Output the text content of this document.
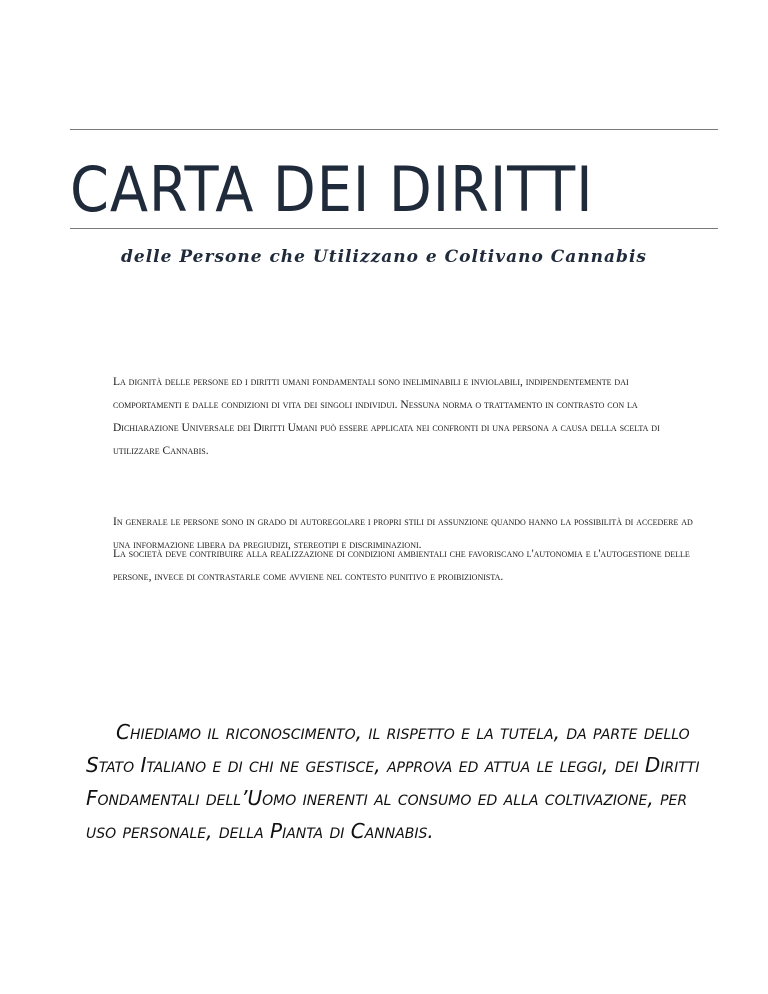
CARTA DEI DIRITTI

delle Persone che Utilizzano e Coltivano Cannabis

La dignità delle persone ed i diritti umani fondamentali sono ineliminabili e inviolabili, indipendentemente dai comportamenti e dalle condizioni di vita dei singoli individui. Nessuna norma o trattamento in contrasto con la Dichiarazione Universale dei Diritti Umani può essere applicata nei confronti di una persona a causa della scelta di utilizzare Cannabis.

In generale le persone sono in grado di autoregolare i propri stili di assunzione quando hanno la possibilità di accedere ad una informazione libera da pregiudizi, stereotipi e discriminazioni.

La società deve contribuire alla realizzazione di condizioni ambientali che favoriscano l'autonomia e l'autogestione delle persone, invece di contrastarle come avviene nel contesto punitivo e proibizionista.

Chiediamo il riconoscimento, il rispetto e la tutela, da parte dello Stato Italiano e di chi ne gestisce, approva ed attua le leggi, dei Diritti Fondamentali dell’Uomo inerenti al consumo ed alla coltivazione, per uso personale, della Pianta di Cannabis.
